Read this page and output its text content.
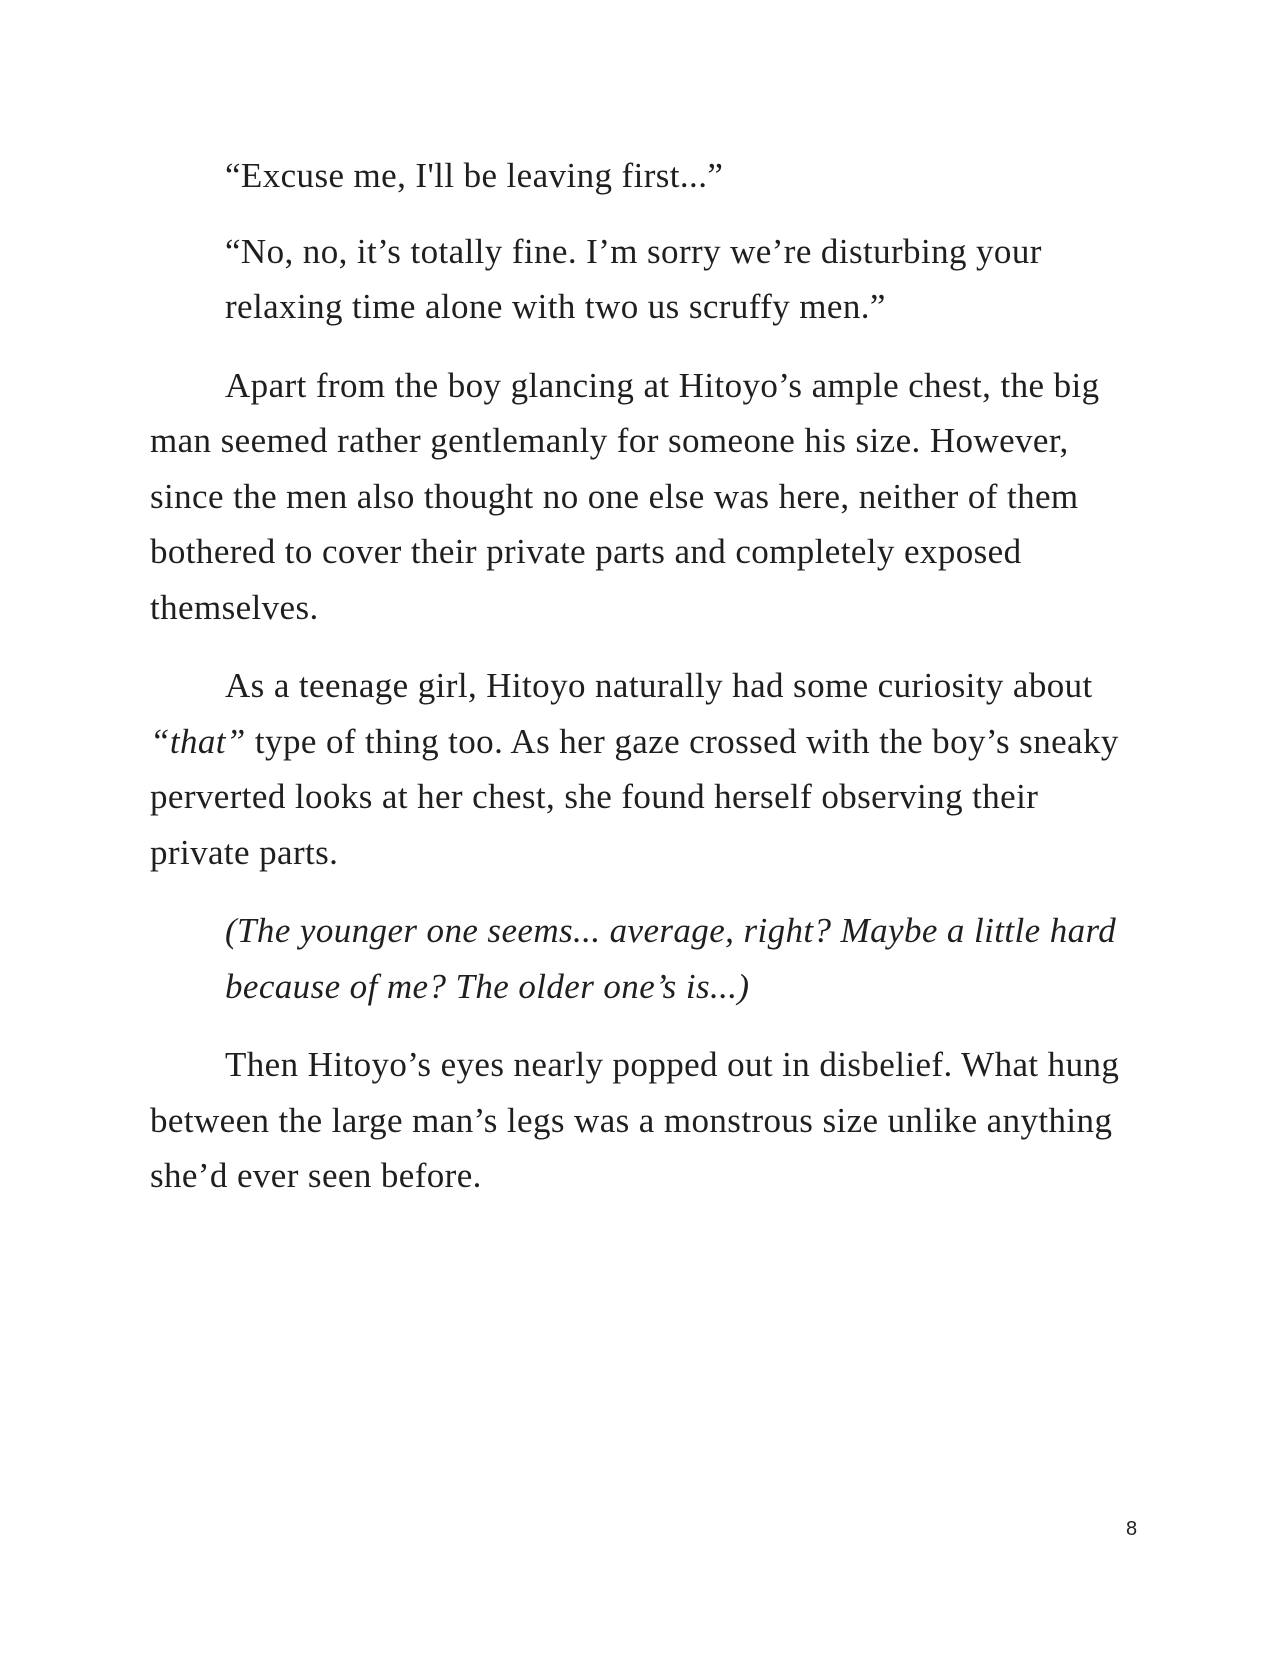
“Excuse me, I'll be leaving first...”

“No, no, it’s totally fine. I’m sorry we’re disturbing your relaxing time alone with two us scruffy men.”

Apart from the boy glancing at Hitoyo’s ample chest, the big man seemed rather gentlemanly for someone his size. However, since the men also thought no one else was here, neither of them bothered to cover their private parts and completely exposed themselves.

As a teenage girl, Hitoyo naturally had some curiosity about “that” type of thing too. As her gaze crossed with the boy’s sneaky perverted looks at her chest, she found herself observing their private parts.

(The younger one seems... average, right? Maybe a little hard because of me? The older one’s is...)

Then Hitoyo’s eyes nearly popped out in disbelief. What hung between the large man’s legs was a monstrous size unlike anything she’d ever seen before.

8
